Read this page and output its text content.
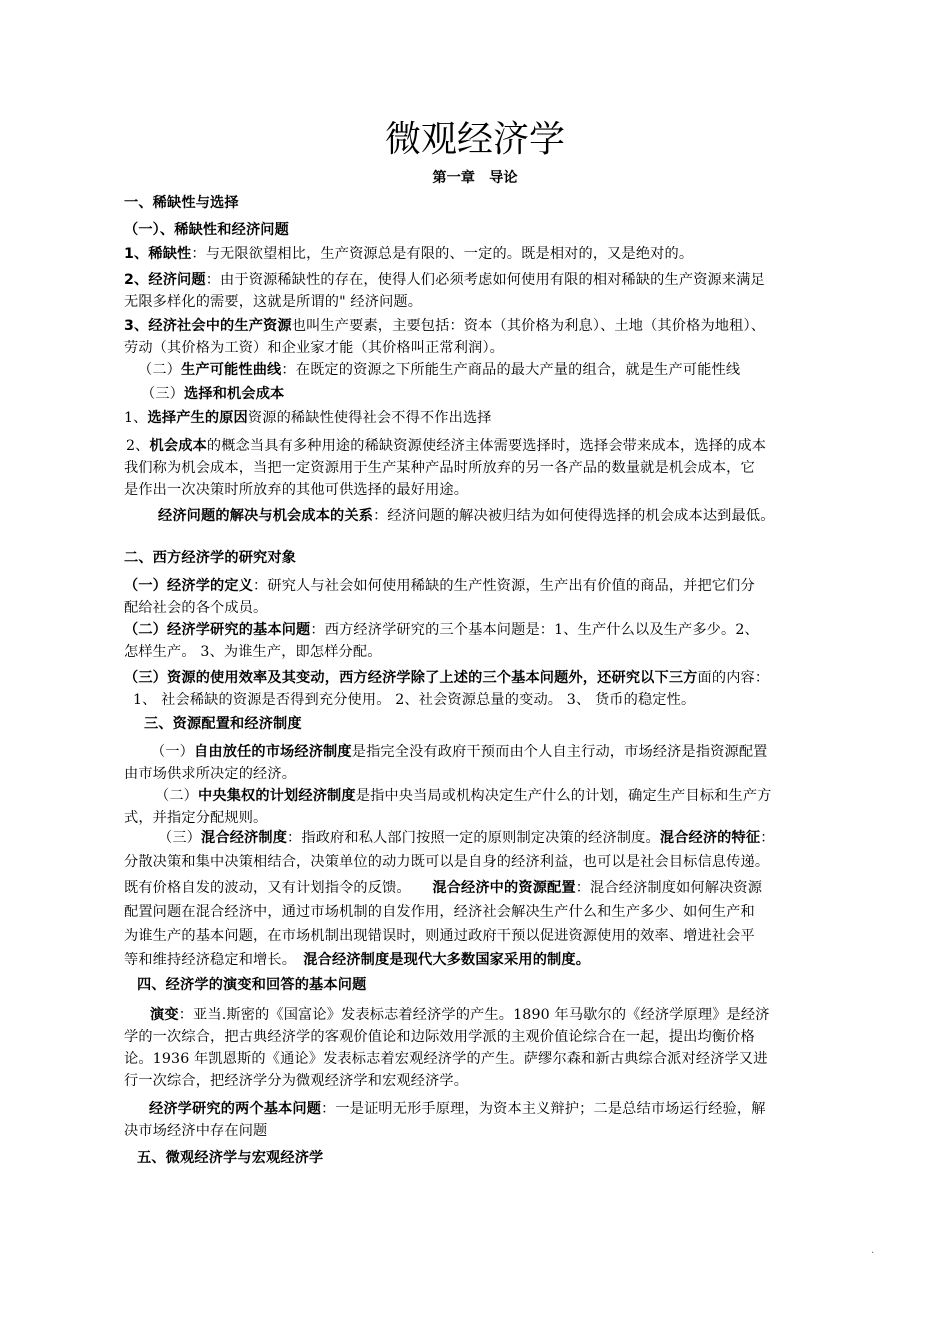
微观经济学
第一章　导论
一、稀缺性与选择
（一）、稀缺性和经济问题
1、稀缺性：与无限欲望相比，生产资源总是有限的、一定的。既是相对的，又是绝对的。
2、经济问题：由于资源稀缺性的存在，使得人们必须考虑如何使用有限的相对稀缺的生产资源来满足
无限多样化的需要，这就是所谓的" 经济问题。
3、经济社会中的生产资源也叫生产要素，主要包括：资本（其价格为利息）、土地（其价格为地租）、
劳动（其价格为工资）和企业家才能（其价格叫正常利润）。
（二）生产可能性曲线：在既定的资源之下所能生产商品的最大产量的组合，就是生产可能性线
（三）选择和机会成本
1、选择产生的原因资源的稀缺性使得社会不得不作出选择
2、机会成本的概念当具有多种用途的稀缺资源使经济主体需要选择时，选择会带来成本，选择的成本
我们称为机会成本，当把一定资源用于生产某种产品时所放弃的另一各产品的数量就是机会成本，它
是作出一次决策时所放弃的其他可供选择的最好用途。
经济问题的解决与机会成本的关系：经济问题的解决被归结为如何使得选择的机会成本达到最低。
二、西方经济学的研究对象
（一）经济学的定义：研究人与社会如何使用稀缺的生产性资源，生产出有价值的商品，并把它们分
配给社会的各个成员。
（二）经济学研究的基本问题：西方经济学研究的三个基本问题是：1、生产什么以及生产多少。2、
怎样生产。 3、为谁生产，即怎样分配。
（三）资源的使用效率及其变动，西方经济学除了上述的三个基本问题外，还研究以下三方面的内容：
1、 社会稀缺的资源是否得到充分使用。 2、社会资源总量的变动。 3、 货币的稳定性。
三、资源配置和经济制度
（一）自由放任的市场经济制度是指完全没有政府干预而由个人自主行动，市场经济是指资源配置
由市场供求所决定的经济。
（二）中央集权的计划经济制度是指中央当局或机构决定生产什么的计划，确定生产目标和生产方
式，并指定分配规则。
（三）混合经济制度：指政府和私人部门按照一定的原则制定决策的经济制度。混合经济的特征：
分散决策和集中决策相结合，决策单位的动力既可以是自身的经济利益，也可以是社会目标信息传递。
既有价格自发的波动，又有计划指令的反馈。　　混合经济中的资源配置：混合经济制度如何解决资源
配置问题在混合经济中，通过市场机制的自发作用，经济社会解决生产什么和生产多少、如何生产和
为谁生产的基本问题，在市场机制出现错误时，则通过政府干预以促进资源使用的效率、增进社会平
等和维持经济稳定和增长。　混合经济制度是现代大多数国家采用的制度。
四、经济学的演变和回答的基本问题
演变：亚当.斯密的《国富论》发表标志着经济学的产生。1890 年马歇尔的《经济学原理》是经济
学的一次综合，把古典经济学的客观价值论和边际效用学派的主观价值论综合在一起，提出均衡价格
论。1936 年凯恩斯的《通论》发表标志着宏观经济学的产生。萨缪尔森和新古典综合派对经济学又进
行一次综合，把经济学分为微观经济学和宏观经济学。
经济学研究的两个基本问题：一是证明无形手原理，为资本主义辩护；二是总结市场运行经验，解
决市场经济中存在问题
五、微观经济学与宏观经济学
.
